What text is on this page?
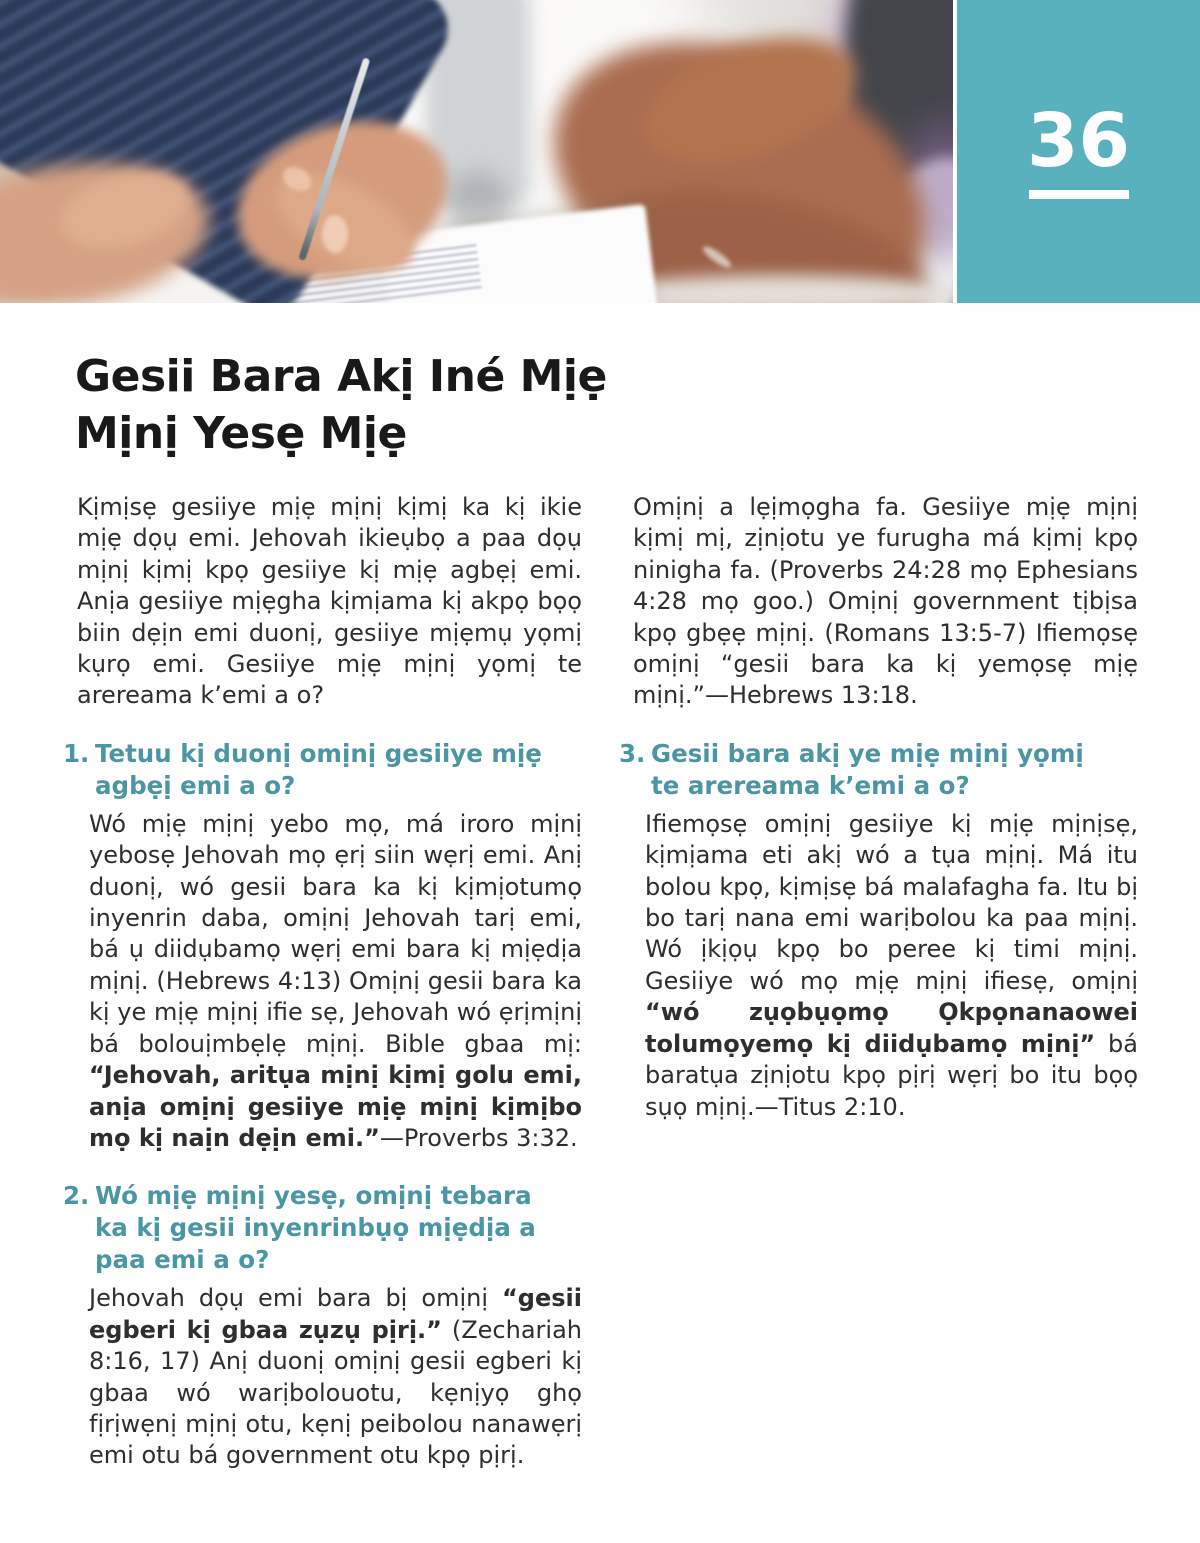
36
Gesii Bara Akị Iné Mịẹ
Mịnị Yesẹ Mịẹ

Kịmịsẹ gesiiye mịẹ mịnị kịmị ka kị ikie mịẹ dọụ emi. Jehovah ikieụbọ a paa dọụ mịnị kịmị kpọ gesiiye kị mịẹ agbẹị emi. Anịa gesiiye mịẹgha kịmịama kị akpọ bọọ biin dẹịn emi duonị, gesiiye mịẹmụ yọmị kụrọ emi. Gesiiye mịẹ mịnị yọmị te arereama k’emi a o?

1. Tetuu kị duonị omịnị gesiiye mịẹ agbẹị emi a o?

Wó mịẹ mịnị yebo mọ, má iroro mịnị yebosẹ Jehovah mọ ẹrị siin wẹrị emi. Anị duonị, wó gesii bara ka kị kịmịotumọ inyenrin daba, omịnị Jehovah tarị emi, bá ụ diidụbamọ wẹrị emi bara kị mịẹdịa mịnị. (Hebrews 4:13) Omịnị gesii bara ka kị ye mịẹ mịnị ifie sẹ, Jehovah wó ẹrịmịnị bá bolouịmbẹlẹ mịnị. Bible gbaa mị: “Jehovah, aritụa mịnị kịmị golu emi, anịa omịnị gesiiye mịẹ mịnị kịmịbo mọ kị naịn dẹịn emi.”—Proverbs 3:32.

2. Wó mịẹ mịnị yesẹ, omịnị tebara ka kị gesii inyenrinbụọ mịẹdịa a paa emi a o?

Jehovah dọụ emi bara bị omịnị “gesii egberi kị gbaa zụzụ pịrị.” (Zechariah 8:16, 17) Anị duonị omịnị gesii egberi kị gbaa wó warịbolouotu, kẹnịyọ ghọ fịrịwẹnị mịnị otu, kẹnị peibolou nanawẹrị emi otu bá government otu kpọ pịrị.

Omịnị a lẹịmọgha fa. Gesiiye mịẹ mịnị kịmị mị, zịnịotu ye furugha má kịmị kpọ ninigha fa. (Proverbs 24:28 mọ Ephesians 4:28 mọ goo.) Omịnị government tịbịsa kpọ gbẹẹ mịnị. (Romans 13:5-7) Ifiemọsẹ omịnị “gesii bara ka kị yemọsẹ mịẹ mịnị.”—Hebrews 13:18.

3. Gesii bara akị ye mịẹ mịnị yọmị te arereama k’emi a o?

Ifiemọsẹ omịnị gesiiye kị mịẹ mịnịsẹ, kịmịama eti akị wó a tụa mịnị. Má itu bolou kpọ, kịmịsẹ bá malafagha fa. Itu bị bo tarị nana emi warịbolou ka paa mịnị. Wó ịkịọụ kpọ bo peree kị timi mịnị. Gesiiye wó mọ mịẹ mịnị ifiesẹ, omịnị “wó zụọbụọmọ Ọkpọnanaowei tolumọyemọ kị diidụbamọ mịnị” bá baratụa zịnịotu kpọ pịrị wẹrị bo itu bọọ sụọ mịnị.—Titus 2:10.
